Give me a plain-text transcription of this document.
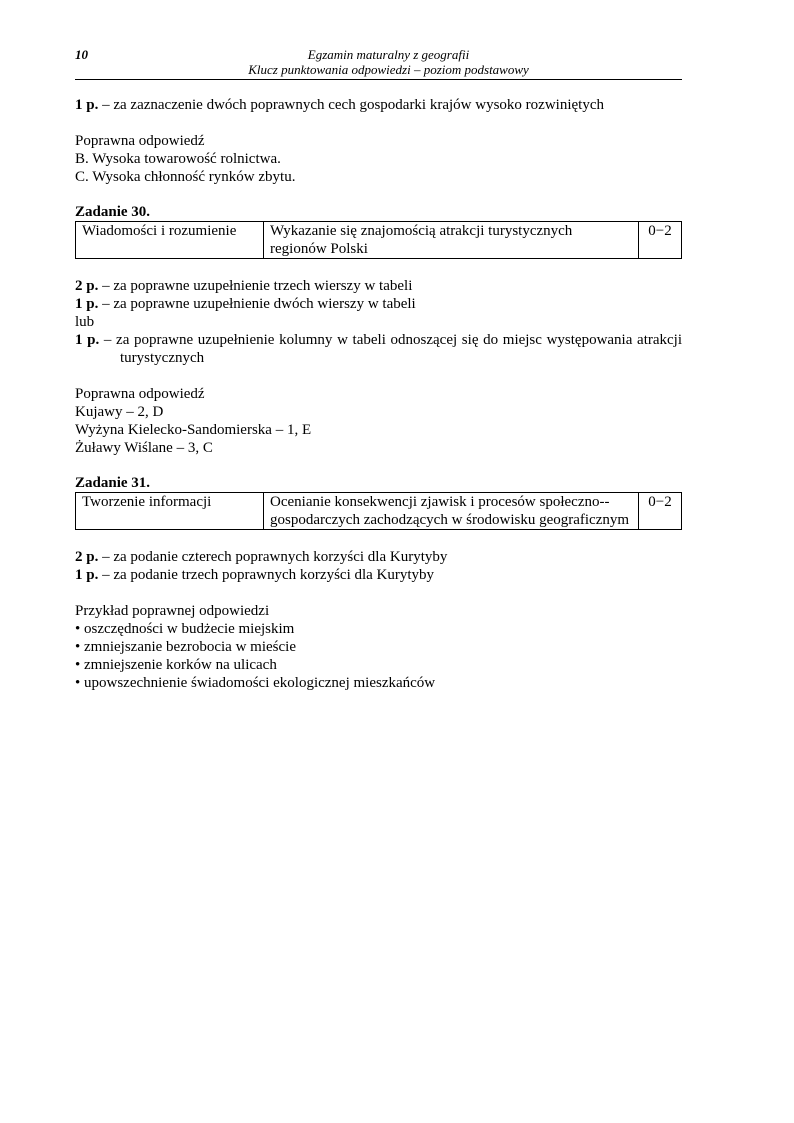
10	Egzamin maturalny z geografii
Klucz punktowania odpowiedzi – poziom podstawowy

1 p. – za zaznaczenie dwóch poprawnych cech gospodarki krajów wysoko rozwiniętych

Poprawna odpowiedź

B. Wysoka towarowość rolnictwa.

C. Wysoka chłonność rynków zbytu.

Zadanie 30.

Wiadomości i rozumienie	Wykazanie się znajomością atrakcji turystycznych regionów Polski	0−2

2 p. – za poprawne uzupełnienie trzech wierszy w tabeli

1 p. – za poprawne uzupełnienie dwóch wierszy w tabeli

lub

1 p. – za poprawne uzupełnienie kolumny w tabeli odnoszącej się do miejsc występowania atrakcji turystycznych

Poprawna odpowiedź

Kujawy – 2, D

Wyżyna Kielecko-Sandomierska – 1, E

Żuławy Wiślane – 3, C

Zadanie 31.

Tworzenie informacji	Ocenianie konsekwencji zjawisk i procesów społeczno-gospodarczych zachodzących w środowisku geograficznym	0−2

2 p. – za podanie czterech poprawnych korzyści dla Kurytyby

1 p. – za podanie trzech poprawnych korzyści dla Kurytyby

Przykład poprawnej odpowiedzi

• oszczędności w budżecie miejskim

• zmniejszanie bezrobocia w mieście

• zmniejszenie korków na ulicach

• upowszechnienie świadomości ekologicznej mieszkańców
